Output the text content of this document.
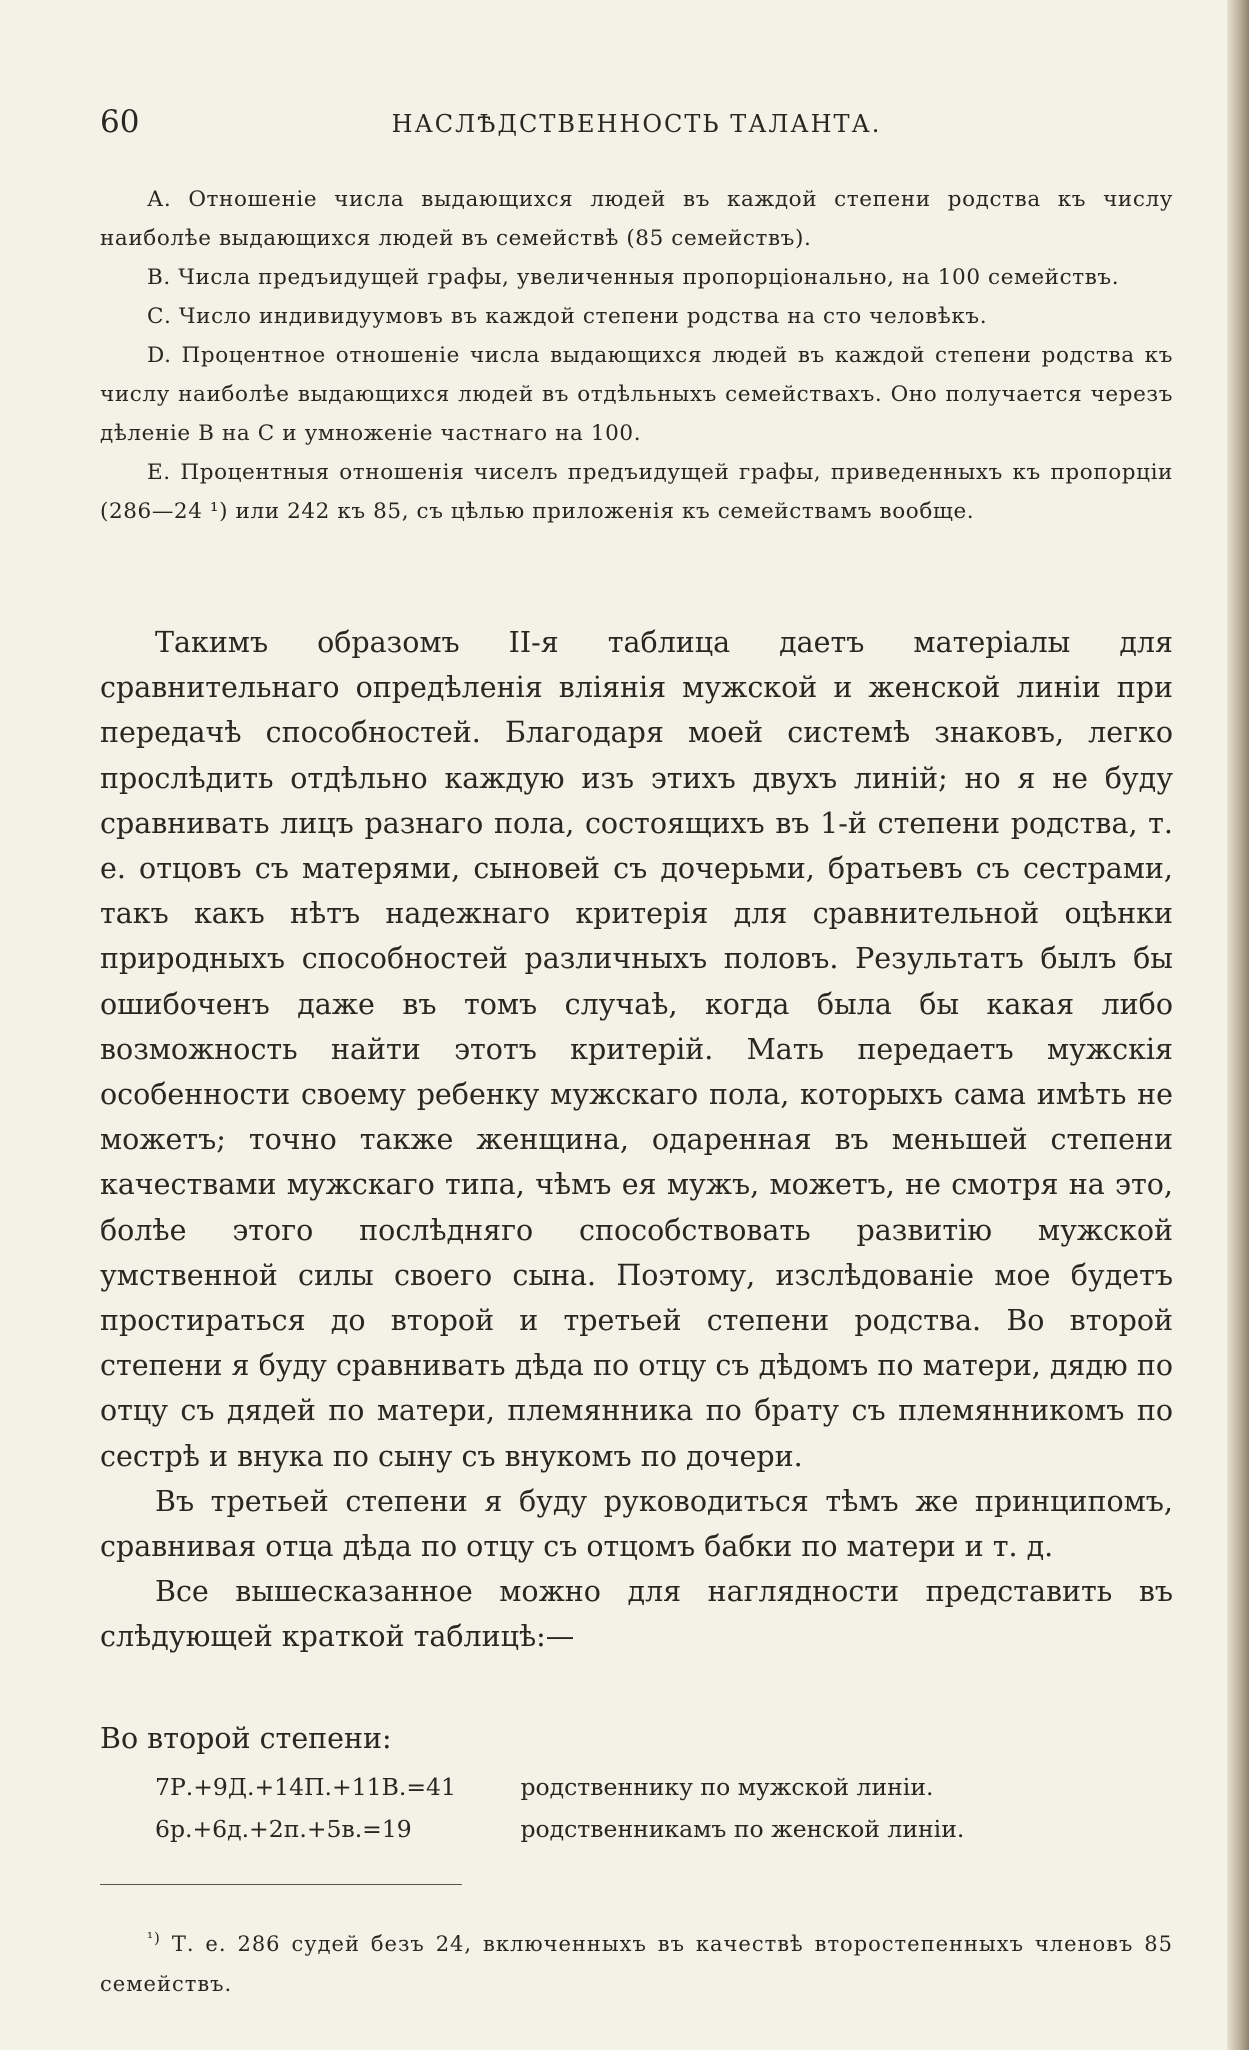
60	НАСЛѢДСТВЕННОСТЬ ТАЛАНТА.

А. Отношеніе числа выдающихся людей въ каждой степени родства къ числу наиболѣе выдающихся людей въ семействѣ (85 семействъ).

В. Числа предъидущей графы, увеличенныя пропорціонально, на 100 семействъ.

С. Число индивидуумовъ въ каждой степени родства на сто человѣкъ.

D. Процентное отношеніе числа выдающихся людей въ каждой степени родства къ числу наиболѣе выдающихся людей въ отдѣльныхъ семействахъ. Оно получается черезъ дѣленіе B на C и умноженіе частнаго на 100.

Е. Процентныя отношенія чиселъ предъидущей графы, приведенныхъ къ пропорціи (286—24 ¹) или 242 къ 85, съ цѣлью приложенія къ семействамъ вообще.

Такимъ образомъ II-я таблица даетъ матеріалы для сравнительнаго опредѣленія вліянія мужской и женской линіи при передачѣ способностей. Благодаря моей системѣ знаковъ, легко прослѣдить отдѣльно каждую изъ этихъ двухъ линій; но я не буду сравнивать лицъ разнаго пола, состоящихъ въ 1-й степени родства, т. е. отцовъ съ матерями, сыновей съ дочерьми, братьевъ съ сестрами, такъ какъ нѣтъ надежнаго критерія для сравнительной оцѣнки природныхъ способностей различныхъ половъ. Результатъ былъ бы ошибоченъ даже въ томъ случаѣ, когда была бы какая либо возможность найти этотъ критерій. Мать передаетъ мужскія особенности своему ребенку мужскаго пола, которыхъ сама имѣть не можетъ; точно также женщина, одаренная въ меньшей степени качествами мужскаго типа, чѣмъ ея мужъ, можетъ, не смотря на это, болѣе этого послѣдняго способствовать развитію мужской умственной силы своего сына. Поэтому, изслѣдованіе мое будетъ простираться до второй и третьей степени родства. Во второй степени я буду сравнивать дѣда по отцу съ дѣдомъ по матери, дядю по отцу съ дядей по матери, племянника по брату съ племянникомъ по сестрѣ и внука по сыну съ внукомъ по дочери.

Въ третьей степени я буду руководиться тѣмъ же принципомъ, сравнивая отца дѣда по отцу съ отцомъ бабки по матери и т. д.

Все вышесказанное можно для наглядности представить въ слѣдующей краткой таблицѣ:—

Во второй степени:
7Р.+9Д.+14П.+11В.=41	родственнику по мужской линіи.
6р.+6д.+2п.+5в.=19	родственникамъ по женской линіи.

$^{^1)}$ Т. е. 286 судей безъ 24, включенныхъ въ качествѣ второстепенныхъ членовъ 85 семействъ.
